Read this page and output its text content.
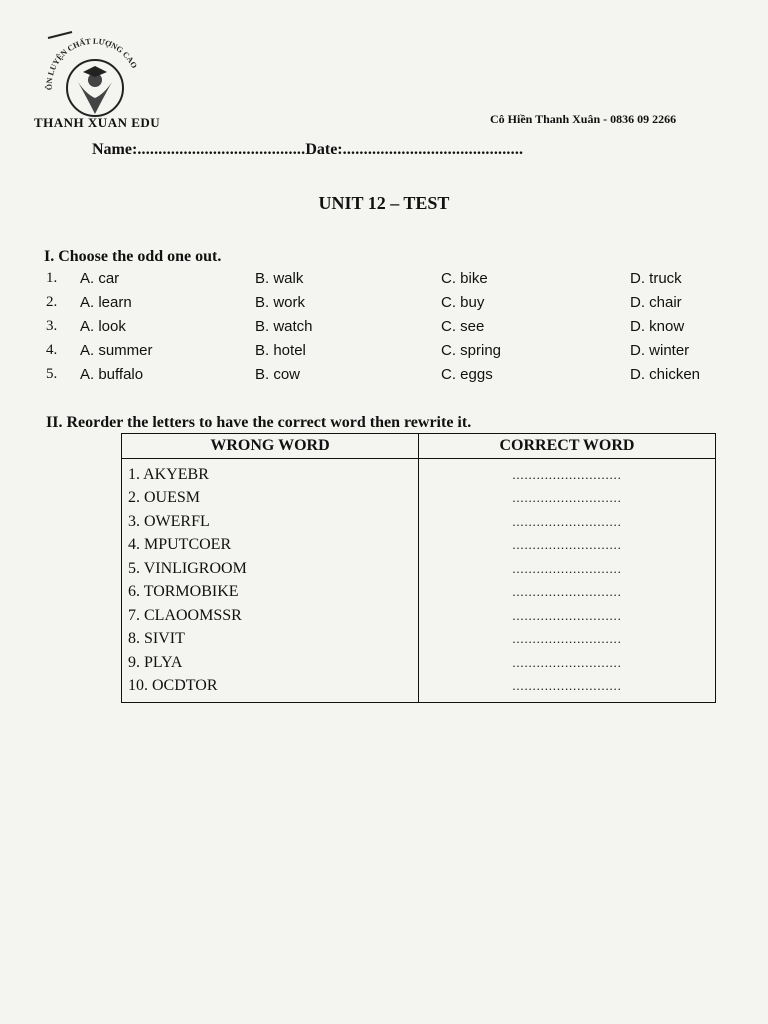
ÔN LUYỆN CHẤT LƯỢNG CAO
THANH XUAN EDU	Cô Hiền Thanh Xuân - 0836 09 2266
Name:........................................Date:...........................................
UNIT 12 – TEST
I. Choose the odd one out.
1. A. car	B. walk	C. bike	D. truck
2. A. learn	B. work	C. buy	D. chair
3. A. look	B. watch	C. see	D. know
4. A. summer	B. hotel	C. spring	D. winter
5. A. buffalo	B. cow	C. eggs	D. chicken
II. Reorder the letters to have the correct word then rewrite it.
WRONG WORD	CORRECT WORD
1. AKYEBR	...........................
2. OUESM	...........................
3. OWERFL	...........................
4. MPUTCOER	...........................
5. VINLIGROOM	...........................
6. TORMOBIKE	...........................
7. CLAOOMSSR	...........................
8. SIVIT	...........................
9. PLYA	...........................
10. OCDTOR	...........................
